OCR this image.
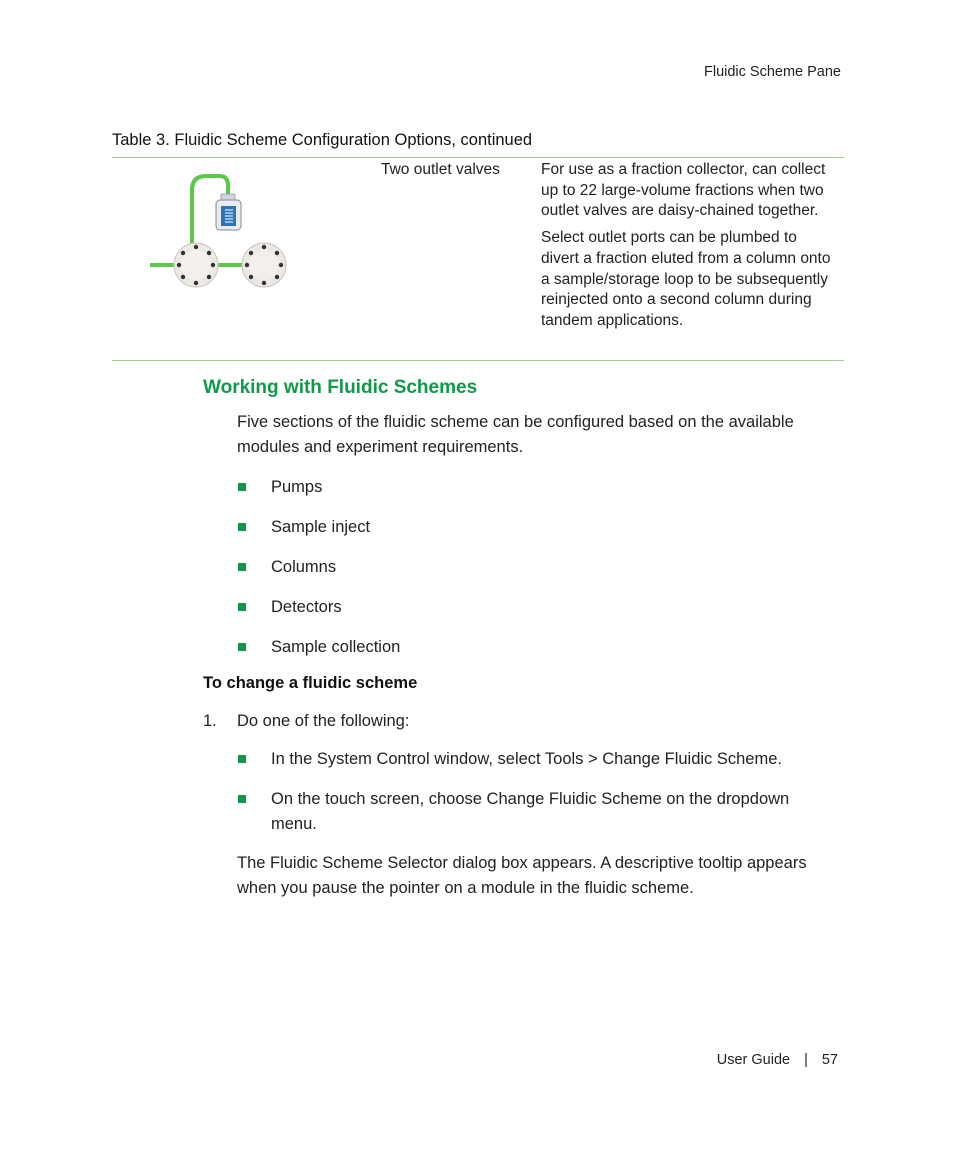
Fluidic Scheme Pane
Table 3. Fluidic Scheme Configuration Options, continued
Two outlet valves	For use as a fraction collector, can collect up to 22 large-volume fractions when two outlet valves are daisy-chained together.

Select outlet ports can be plumbed to divert a fraction eluted from a column onto a sample/storage loop to be subsequently reinjected onto a second column during tandem applications.

Working with Fluidic Schemes
Five sections of the fluidic scheme can be configured based on the available modules and experiment requirements.
Pumps
Sample inject
Columns
Detectors
Sample collection
To change a fluidic scheme
1. Do one of the following:
In the System Control window, select Tools > Change Fluidic Scheme.
On the touch screen, choose Change Fluidic Scheme on the dropdown menu.
The Fluidic Scheme Selector dialog box appears. A descriptive tooltip appears when you pause the pointer on a module in the fluidic scheme.
User Guide | 57
